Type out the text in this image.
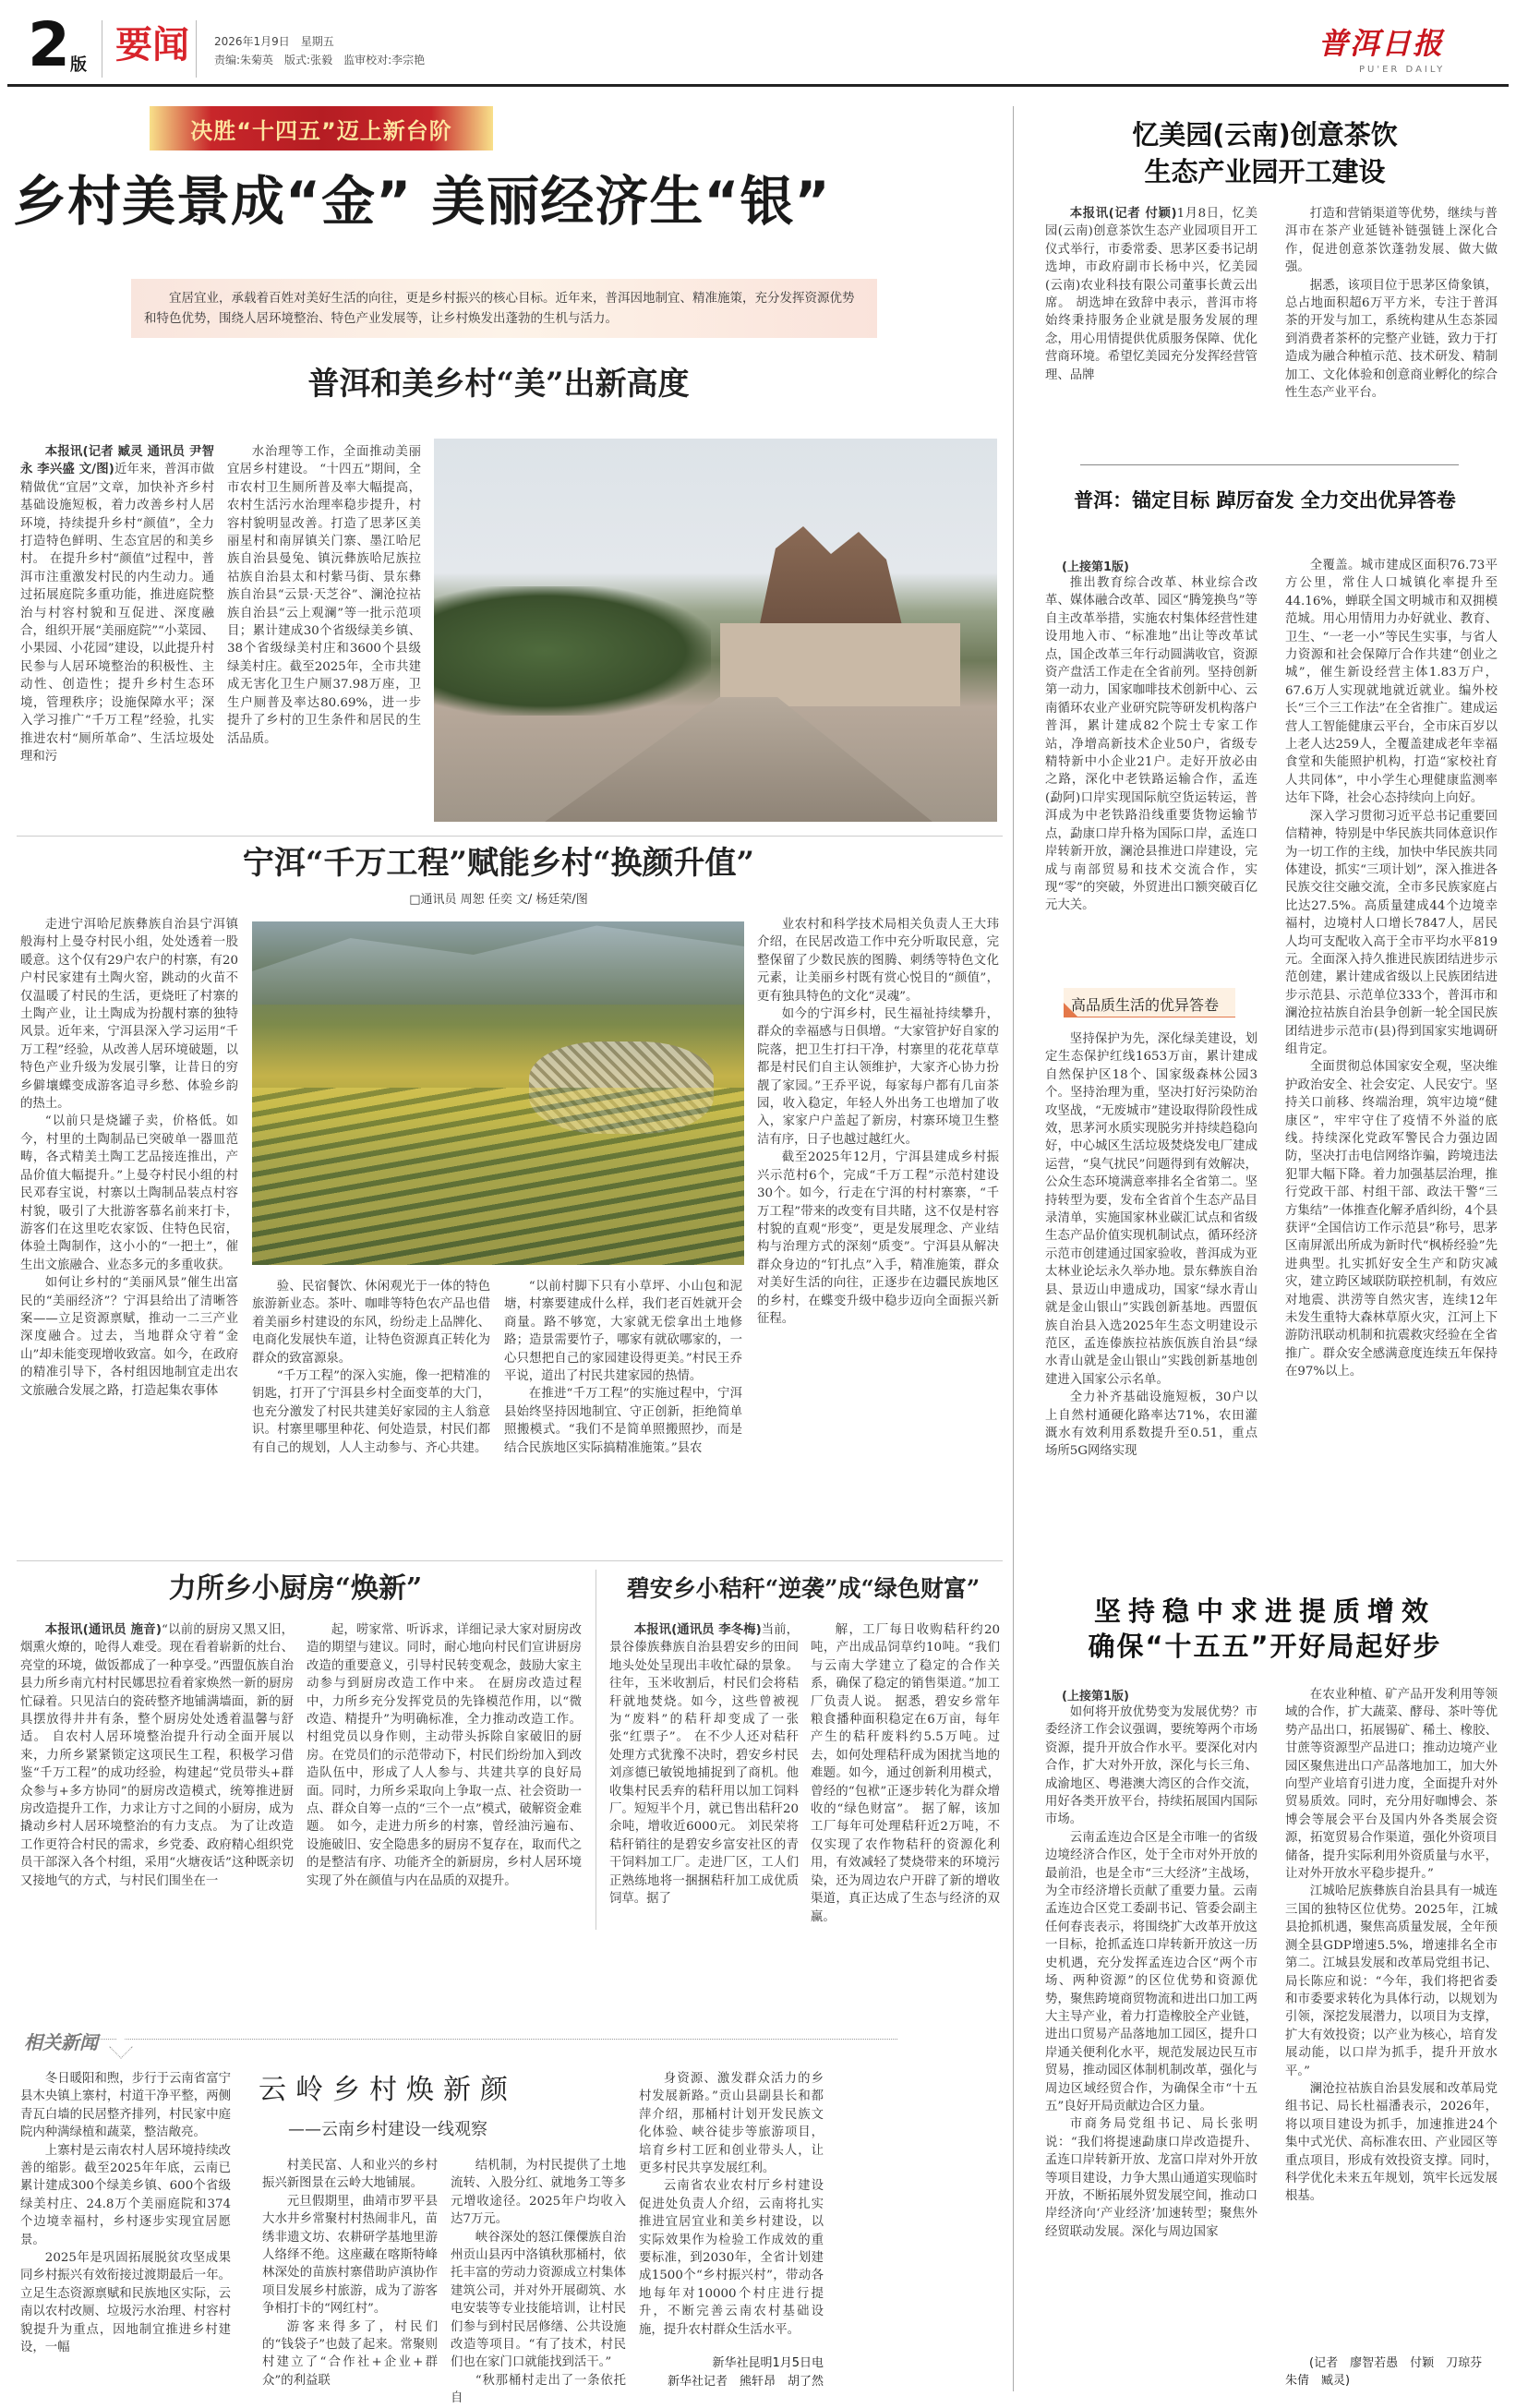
2 版 要闻 2026年1月9日　星期五
责编:朱菊英　版式:张毅　监审校对:李宗艳	普洱日报
PU'ER DAILY
决胜“十四五”迈上新台阶
乡村美景成“金” 美丽经济生“银”

宜居宜业，承载着百姓对美好生活的向往，更是乡村振兴的核心目标。近年来，普洱因地制宜、精准施策，充分发挥资源优势和特色优势，围绕人居环境整治、特色产业发展等，让乡村焕发出蓬勃的生机与活力。

普洱和美乡村“美”出新高度

本报讯(记者 臧灵 通讯员 尹智永 李兴盛 文/图)近年来，普洱市做精做优“宜居”文章，加快补齐乡村基础设施短板，着力改善乡村人居环境，持续提升乡村“颜值”，全力打造特色鲜明、生态宜居的和美乡村。 在提升乡村“颜值”过程中，普洱市注重激发村民的内生动力。通过拓展庭院多重功能，推进庭院整治与村容村貌和互促进、深度融合，组织开展“美丽庭院”“小菜园、小果园、小花园”建设，以此提升村民参与人居环境整治的积极性、主动性、创造性；提升乡村生态环境，管理秩序；设施保障水平；深入学习推广“千万工程”经验，扎实推进农村“厕所革命”、生活垃圾处理和污

水治理等工作，全面推动美丽宜居乡村建设。 “十四五”期间，全市农村卫生厕所普及率大幅提高，农村生活污水治理率稳步提升，村容村貌明显改善。打造了思茅区美丽星村和南屏镇关门寨、墨江哈尼族自治县曼兔、镇沅彝族哈尼族拉祜族自治县太和村紫马街、景东彝族自治县“云景·天芝谷”、澜沧拉祜族自治县“云上观澜”等一批示范项目；累计建成30个省级绿美乡镇、38个省级绿美村庄和3600个县级绿美村庄。截至2025年，全市共建成无害化卫生户厕37.98万座，卫生户厕普及率达80.69%，进一步提升了乡村的卫生条件和居民的生活品质。

宁洱“千万工程”赋能乡村“换颜升值”
□通讯员 周恕 任奕 文/ 杨廷荣/图

走进宁洱哈尼族彝族自治县宁洱镇般海村上曼夺村民小组，处处透着一股暖意。这个仅有29户农户的村寨，有20户村民家建有土陶火窑，跳动的火苗不仅温暖了村民的生活，更烧旺了村寨的土陶产业，让土陶成为扮靓村寨的独特风景。近年来，宁洱县深入学习运用“千万工程”经验，从改善人居环境破题，以特色产业升级为发展引擎，让昔日的穷乡僻壤蝶变成游客追寻乡愁、体验乡韵的热土。
“以前只是烧罐子卖，价格低。如今，村里的土陶制品已突破单一器皿范畴，各式精美土陶工艺品接连推出，产品价值大幅提升。”上曼夺村民小组的村民邓春宝说，村寨以土陶制品装点村容村貌，吸引了大批游客慕名前来打卡，游客们在这里吃农家饭、住特色民宿，体验土陶制作，这小小的“一把土”，催生出文旅融合、业态多元的多重收获。
如何让乡村的“美丽风景”催生出富民的“美丽经济”？宁洱县给出了清晰答案——立足资源禀赋，推动一二三产业深度融合。过去，当地群众守着“金山”却未能变现增收致富。如今，在政府的精准引导下，各村组因地制宜走出农文旅融合发展之路，打造起集农事体

验、民宿餐饮、休闲观光于一体的特色旅游新业态。茶叶、咖啡等特色农产品也借着美丽乡村建设的东风，纷纷走上品牌化、电商化发展快车道，让特色资源真正转化为群众的致富源泉。
“千万工程”的深入实施，像一把精准的钥匙，打开了宁洱县乡村全面变革的大门，也充分激发了村民共建美好家园的主人翁意识。村寨里哪里种花、何处造景，村民们都有自己的规划，人人主动参与、齐心共建。

“以前村脚下只有小草坪、小山包和泥塘，村寨要建成什么样，我们老百姓就开会商量。路不够宽，大家就无偿拿出土地修路；造景需要竹子，哪家有就砍哪家的，一心只想把自己的家园建设得更美。”村民王乔平说，道出了村民共建家园的热情。
在推进“千万工程”的实施过程中，宁洱县始终坚持因地制宜、守正创新，拒绝简单照搬模式。“我们不是简单照搬照抄，而是结合民族地区实际搞精准施策。”县农

业农村和科学技术局相关负责人王大玮介绍，在民居改造工作中充分听取民意，完整保留了少数民族的图腾、刺绣等特色文化元素，让美丽乡村既有赏心悦目的“颜值”，更有独具特色的文化“灵魂”。
如今的宁洱乡村，民生福祉持续攀升，群众的幸福感与日俱增。“大家管护好自家的院落，把卫生打扫干净，村寨里的花花草草都是村民们自主认领维护，大家齐心协力扮靓了家园。”王乔平说，每家每户都有几亩茶园，收入稳定，年轻人外出务工也增加了收入，家家户户盖起了新房，村寨环境卫生整洁有序，日子也越过越红火。
截至2025年12月，宁洱县建成乡村振兴示范村6个，完成“千万工程”示范村建设30个。如今，行走在宁洱的村村寨寨，“千万工程”带来的改变有目共睹，这不仅是村容村貌的直观“形变”，更是发展理念、产业结构与治理方式的深刻“质变”。宁洱县从解决群众身边的“钉扎点”入手，精准施策，群众对美好生活的向往，正逐步在边疆民族地区的乡村，在蝶变升级中稳步迈向全面振兴新征程。

力所乡小厨房“焕新”

本报讯(通讯员 施音)“以前的厨房又黑又旧，烟熏火燎的，呛得人难受。现在看着崭新的灶台、亮堂的环境，做饭都成了一种享受。”西盟佤族自治县力所乡南亢村村民娜思拉看着家焕然一新的厨房忙碌着。只见洁白的瓷砖整齐地铺满墙面，新的厨具摆放得井井有条，整个厨房处处透着温馨与舒适。 自农村人居环境整治提升行动全面开展以来，力所乡紧紧锁定这项民生工程，积极学习借鉴“千万工程”的成功经验，构建起“党员带头+群众参与+多方协同”的厨房改造模式，统筹推进厨房改造提升工作，力求让方寸之间的小厨房，成为撬动乡村人居环境整治的有力支点。 为了让改造工作更符合村民的需求，乡党委、政府精心组织党员干部深入各个村组，采用“火塘夜话”这种既亲切又接地气的方式，与村民们围坐在一

起，唠家常、听诉求，详细记录大家对厨房改造的期望与建议。同时，耐心地向村民们宣讲厨房改造的重要意义，引导村民转变观念，鼓励大家主动参与到厨房改造工作中来。 在厨房改造过程中，力所乡充分发挥党员的先锋模范作用，以“微改造、精提升”为明确标准，全力推动改造工作。村组党员以身作则，主动带头拆除自家破旧的厨房。在党员们的示范带动下，村民们纷纷加入到改造队伍中，形成了人人参与、共建共享的良好局面。同时，力所乡采取向上争取一点、社会资助一点、群众自筹一点的“三个一点”模式，破解资金难题。 如今，走进力所乡的村寨，曾经油污遍布、设施破旧、安全隐患多的厨房不复存在，取而代之的是整洁有序、功能齐全的新厨房，乡村人居环境实现了外在颜值与内在品质的双提升。

碧安乡小秸秆“逆袭”成“绿色财富”

本报讯(通讯员 李冬梅)当前，景谷傣族彝族自治县碧安乡的田间地头处处呈现出丰收忙碌的景象。往年，玉米收割后，村民们会将秸秆就地焚烧。如今，这些曾被视为“废料”的秸秆却变成了一张张“红票子”。 在不少人还对秸秆处理方式犹豫不决时，碧安乡村民刘彦德已敏锐地捕捉到了商机。他收集村民丢弃的秸秆用以加工饲料厂。短短半个月，就已售出秸秆20余吨，增收近6000元。 刘民荣将秸秆销往的是碧安乡富安社区的青干饲料加工厂。走进厂区，工人们正熟练地将一捆捆秸秆加工成优质饲草。据了

解，工厂每日收购秸秆约20吨，产出成品饲草约10吨。“我们与云南大学建立了稳定的合作关系，确保了稳定的销售渠道。”加工厂负责人说。 据悉，碧安乡常年粮食播种面积稳定在6万亩，每年产生的秸秆废料约5.5万吨。过去，如何处理秸秆成为困扰当地的难题。如今，通过创新利用模式，曾经的“包袱”正逐步转化为群众增收的“绿色财富”。 据了解，该加工厂每年可处理秸秆近2万吨，不仅实现了农作物秸秆的资源化利用，有效减轻了焚烧带来的环境污染，还为周边农户开辟了新的增收渠道，真正达成了生态与经济的双赢。

相关新闻
云岭乡村焕新颜
——云南乡村建设一线观察

冬日暖阳和煦，步行于云南省富宁县木央镇上寨村，村道干净平整，两侧青瓦白墙的民居整齐排列，村民家中庭院内种满绿植和蔬菜，整洁敞亮。
上寨村是云南农村人居环境持续改善的缩影。截至2025年年底，云南已累计建成300个绿美乡镇、600个省级绿美村庄、24.8万个美丽庭院和374个边境幸福村，乡村逐步实现宜居愿景。
2025年是巩固拓展脱贫攻坚成果同乡村振兴有效衔接过渡期最后一年。立足生态资源禀赋和民族地区实际，云南以农村改厕、垃圾污水治理、村容村貌提升为重点，因地制宜推进乡村建设，一幅

村美民富、人和业兴的乡村振兴新图景在云岭大地铺展。
元旦假期里，曲靖市罗平县大水井乡常聚村村热闹非凡，苗绣非遗文坊、农耕研学基地里游人络绎不绝。这座藏在喀斯特峰林深处的苗族村寨借助庐滇协作项目发展乡村旅游，成为了游客争相打卡的“网红村”。
游客来得多了，村民们的“钱袋子”也鼓了起来。常聚则村建立了“合作社+企业+群众”的利益联

结机制，为村民提供了土地流转、入股分红、就地务工等多元增收途径。2025年户均收入达7万元。
峡谷深处的怒江傈僳族自治州贡山县丙中洛镇秋那桶村，依托丰富的劳动力资源成立村集体建筑公司，并对外开展砌筑、水电安装等专业技能培训，让村民们参与到村民居修缮、公共设施改造等项目。“有了技术，村民们也在家门口就能找到活干。”
“秋那桶村走出了一条依托自

身资源、激发群众活力的乡村发展新路。”贡山县副县长和都萍介绍，那桶村计划开发民族文化体验、峡谷徒步等旅游项目，培育乡村工匠和创业带头人，让更多村民共享发展红利。
云南省农业农村厅乡村建设促进处负责人介绍，云南将扎实推进宜居宜业和美乡村建设，以实际效果作为检验工作成效的重要标准，到2030年，全省计划建成1500个“乡村振兴村”，带动各地每年对10000个村庄进行提升，不断完善云南农村基础设施，提升农村群众生活水平。

新华社昆明1月5日电
新华社记者　熊轩昂　胡了然
忆美园(云南)创意茶饮
生态产业园开工建设

本报讯(记者 付颖)1月8日，忆美园(云南)创意茶饮生态产业园项目开工仪式举行，市委常委、思茅区委书记胡选坤，市政府副市长杨中兴，忆美园(云南)农业科技有限公司董事长黄云出席。 胡选坤在致辞中表示，普洱市将始终秉持服务企业就是服务发展的理念，用心用情提供优质服务保障、优化营商环境。希望忆美园充分发挥经营管理、品牌

打造和营销渠道等优势，继续与普洱市在茶产业延链补链强链上深化合作，促进创意茶饮蓬勃发展、做大做强。
据悉，该项目位于思茅区倚象镇，总占地面积超6万平方米，专注于普洱茶的开发与加工，系统构建从生态茶园到消费者茶杯的完整产业链，致力于打造成为融合种植示范、技术研发、精制加工、文化体验和创意商业孵化的综合性生态产业平台。

普洱：锚定目标 踔厉奋发 全力交出优异答卷
(上接第1版)

推出教育综合改革、林业综合改革、媒体融合改革、园区“腾笼换鸟”等自主改革举措，实施农村集体经营性建设用地入市、“标准地”出让等改革试点，国企改革三年行动圆满收官，资源资产盘活工作走在全省前列。坚持创新第一动力，国家咖啡技术创新中心、云南循环农业产业研究院等研发机构落户普洱，累计建成82个院士专家工作站，净增高新技术企业50户，省级专精特新中小企业21户。走好开放必由之路，深化中老铁路运输合作，孟连(勐阿)口岸实现国际航空货运转运，普洱成为中老铁路沿线重要货物运输节点，勐康口岸升格为国际口岸，孟连口岸转新开放，澜沧县推进口岸建设，完成与南部贸易和技术交流合作，实现“零”的突破，外贸进出口额突破百亿元大关。

高品质生活的优异答卷

坚持保护为先，深化绿美建设，划定生态保护红线1653万亩，累计建成自然保护区18个、国家级森林公园3个。坚持治理为重，坚决打好污染防治攻坚战，“无废城市”建设取得阶段性成效，思茅河水质实现脱劣并持续趋稳向好，中心城区生活垃圾焚烧发电厂建成运营，“臭气扰民”问题得到有效解决，公众生态环境满意率排名全省第二。坚持转型为要，发布全省首个生态产品目录清单，实施国家林业碳汇试点和省级生态产品价值实现机制试点，循环经济示范市创建通过国家验收，普洱成为亚太林业论坛永久举办地。景东彝族自治县、景迈山申遗成功，国家“绿水青山就是金山银山”实践创新基地。西盟佤族自治县入选2025年生态文明建设示范区，孟连傣族拉祜族佤族自治县“绿水青山就是金山银山”实践创新基地创建进入国家公示名单。
全力补齐基础设施短板，30户以上自然村通硬化路率达71%，农田灌溉水有效利用系数提升至0.51，重点场所5G网络实现

全覆盖。城市建成区面积76.73平方公里，常住人口城镇化率提升至44.16%，蝉联全国文明城市和双拥模范城。用心用情用力办好就业、教育、卫生、“一老一小”等民生实事，与省人力资源和社会保障厅合作共建“创业之城”，催生新设经营主体1.83万户，67.6万人实现就地就近就业。编外校长“三个三工作法”在全省推广。建成运营人工智能健康云平台，全市床百岁以上老人达259人，全覆盖建成老年幸福食堂和失能照护机构，打造“家校社育人共同体”，中小学生心理健康监测率达年下降，社会心态持续向上向好。
深入学习贯彻习近平总书记重要回信精神，特别是中华民族共同体意识作为一切工作的主线，加快中华民族共同体建设，抓实“三项计划”，深入推进各民族交往交融交流，全市多民族家庭占比达27.5%。高质量建成44个边境幸福村，边境村人口增长7847人，居民人均可支配收入高于全市平均水平819元。全面深入持久推进民族团结进步示范创建，累计建成省级以上民族团结进步示范县、示范单位333个，普洱市和澜沧拉祜族自治县争创新一轮全国民族团结进步示范市(县)得到国家实地调研组肯定。
全面贯彻总体国家安全观，坚决维护政治安全、社会安定、人民安宁。坚持关口前移、终端治理，筑牢边境“健康区”，牢牢守住了疫情不外溢的底线。持续深化党政军警民合力强边固防，坚决打击电信网络诈骗，跨境违法犯罪大幅下降。着力加强基层治理，推行党政干部、村组干部、政法干警“三方集结”一体推查化解矛盾纠纷，4个县获评“全国信访工作示范县”称号，思茅区南屏派出所成为新时代“枫桥经验”先进典型。扎实抓好安全生产和防灾减灾，建立跨区域联防联控机制，有效应对地震、洪涝等自然灾害，连续12年未发生重特大森林草原火灾，江河上下游防汛联动机制和抗震救灾经验在全省推广。群众安全感满意度连续五年保持在97%以上。

坚持稳中求进提质增效
确保“十五五”开好局起好步
(上接第1版)

如何将开放优势变为发展优势？市委经济工作会议强调，要统筹两个市场资源，提升开放合作水平。要深化对内合作，扩大对外开放，深化与长三角、成渝地区、粤港澳大湾区的合作交流，用好各类开放平台，持续拓展国内国际市场。
云南孟连边合区是全市唯一的省级边境经济合作区，处于全市对外开放的最前沿，也是全市“三大经济”主战场，为全市经济增长贡献了重要力量。云南孟连边合区党工委副书记、管委会副主任何春丧表示，将围绕扩大改革开放这一目标，抢抓孟连口岸转新开放这一历史机遇，充分发挥孟连边合区“两个市场、两种资源”的区位优势和资源优势，聚焦跨境商贸物流和进出口加工两大主导产业，着力打造橡胶全产业链，进出口贸易产品落地加工园区，提升口岸通关便利化水平，规范发展边民互市贸易，推动园区体制机制改革，强化与周边区域经贸合作，为确保全市“十五五”良好开局贡献边合区力量。
市商务局党组书记、局长张明说：“我们将提速勐康口岸改造提升、孟连口岸转新开放、龙富口岸对外开放等项目建设，力争大黑山通道实现临时开放，不断拓展外贸发展空间，推动口岸经济向‘产业经济’加速转型；聚焦外经贸联动发展。深化与周边国家

在农业种植、矿产品开发利用等领域的合作，扩大蔬菜、酵母、茶叶等优势产品出口，拓展锡矿、稀土、橡胶、甘蔗等资源型产品进口；推动边境产业园区聚焦进出口产品落地加工，加大外向型产业培育引进力度，全面提升对外贸易质效。同时，充分用好咖博会、茶博会等展会平台及国内外各类展会资源，拓宽贸易合作渠道，强化外资项目储备，提升实际利用外资质量与水平，让对外开放水平稳步提升。”
江城哈尼族彝族自治县具有一城连三国的独特区位优势。2025年，江城县抢抓机遇，聚焦高质量发展，全年预测全县GDP增速5.5%，增速排名全市第二。江城县发展和改革局党组书记、局长陈应和说：“今年，我们将把省委和市委要求转化为具体行动，以规划为引领，深挖发展潜力，以项目为支撑，扩大有效投资；以产业为核心，培育发展动能，以口岸为抓手，提升开放水平。”
澜沧拉祜族自治县发展和改革局党组书记、局长杜福潘表示，2026年，将以项目建设为抓手，加速推进24个集中式光伏、高标准农田、产业园区等重点项目，形成有效投资支撑。同时，科学优化未来五年规划，筑牢长远发展根基。

(记者　廖智若愚　付颖　刀琼芬　朱倩　臧灵)
